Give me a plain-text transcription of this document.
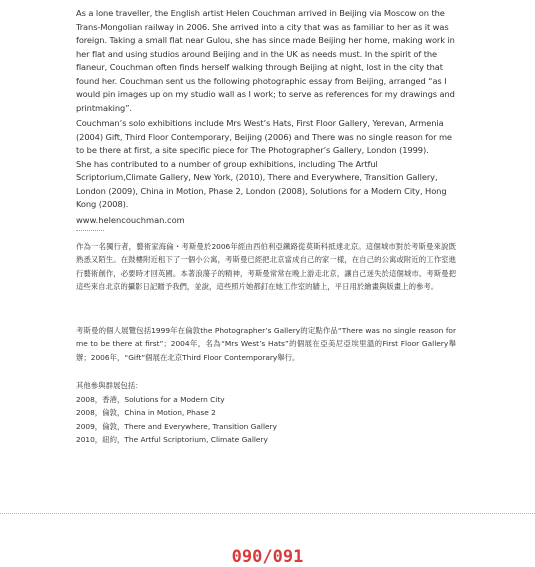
As a lone traveller, the English artist Helen Couchman arrived in Beijing via Moscow on the Trans-Mongolian railway in 2006. She arrived into a city that was as familiar to her as it was foreign. Taking a small flat near Gulou, she has since made Beijing her home, making work in her flat and using studios around Beijing and in the UK as needs must. In the spirit of the flaneur, Couchman often finds herself walking through Beijing at night, lost in the city that found her. Couchman sent us the following photographic essay from Beijing, arranged “as I would pin images up on my studio wall as I work; to serve as references for my drawings and printmaking”.

Couchman’s solo exhibitions include Mrs West’s Hats, First Floor Gallery, Yerevan, Armenia (2004) Gift, Third Floor Contemporary, Beijing (2006) and There was no single reason for me to be there at first, a site specific piece for The Photographer’s Gallery, London (1999).

She has contributed to a number of group exhibitions, including The Artful Scriptorium,Climate Gallery, New York, (2010), There and Everywhere, Transition Gallery, London (2009), China in Motion, Phase 2, London (2008), Solutions for a Modern City, Hong Kong (2008).

www.helencouchman.com
作為一名獨行者，藝術家海倫・考斯曼於2006年經由西伯利亞鐵路從莫斯科抵達北京。這個城市對於考斯曼來說既熟悉又陌生。在鼓樓附近租下了一個小公寓，考斯曼已經把北京當成自己的家一樣，在自己的公寓或附近的工作室進行藝術創作，必要時才回英國。本著浪蕩子的精神，考斯曼常常在晚上游走北京，讓自己迷失於這個城市。考斯曼把這些來自北京的攝影日記贈予我們，並說，這些照片她都釘在她工作室的牆上，平日用於繪畫與版畫上的參考。
考斯曼的個人展覽包括1999年在倫敦the Photographer’s Gallery的定點作品“There was no single reason for me to be there at first”；2004年，名為“Mrs West’s Hats”的個展在亞美尼亞埃里溫的First Floor Gallery舉辦；2006年，“Gift”個展在北京Third Floor Contemporary舉行。
其他參與群展包括：
2008，香港，Solutions for a Modern City
2008，倫敦，China in Motion, Phase 2
2009，倫敦，There and Everywhere, Transition Gallery
2010，紐約，The Artful Scriptorium, Climate Gallery
090/091
